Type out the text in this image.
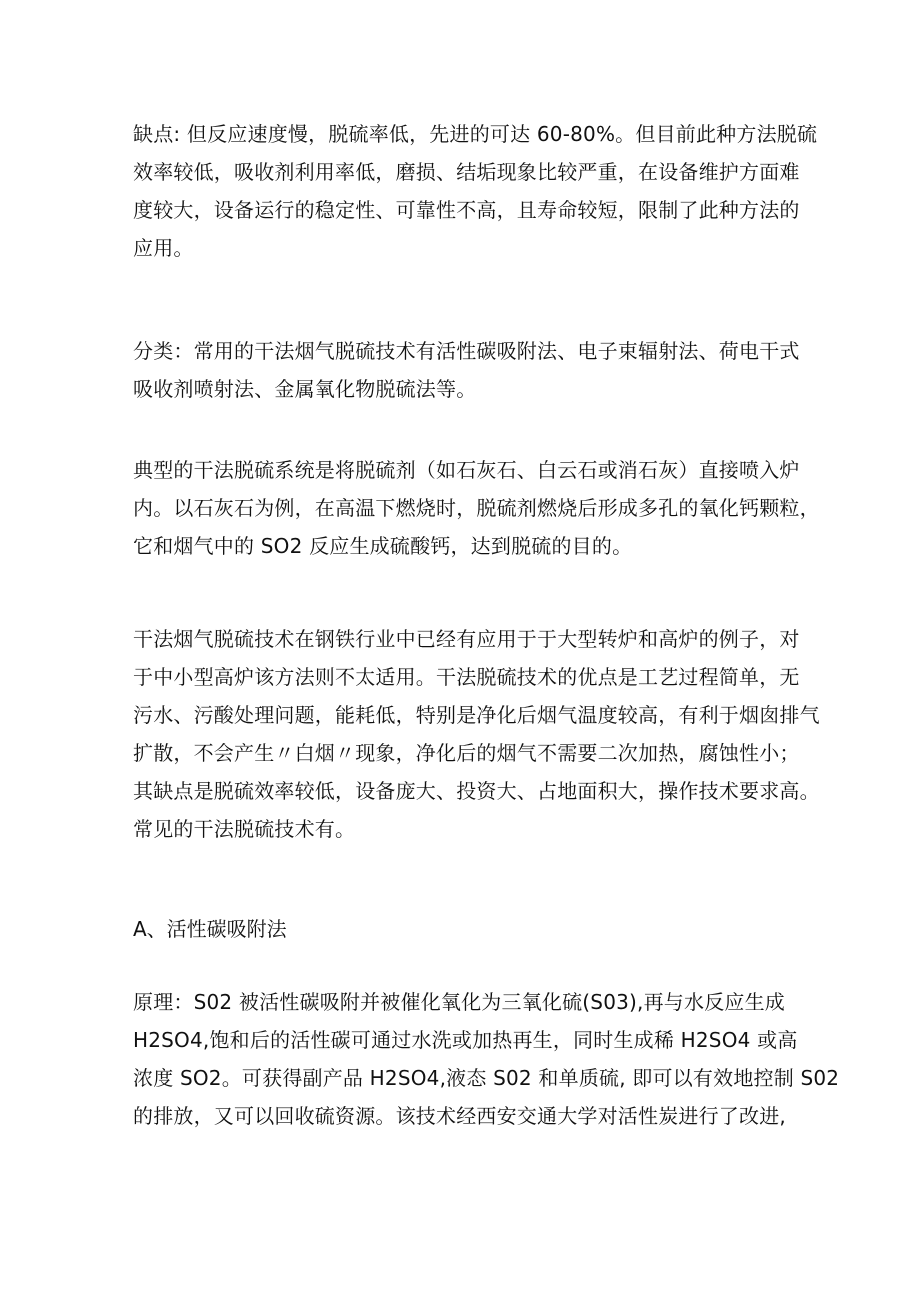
缺点: 但反应速度慢，脱硫率低，先进的可达 60-80%。但目前此种方法脱硫
效率较低，吸收剂利用率低，磨损、结垢现象比较严重，在设备维护方面难
度较大，设备运行的稳定性、可靠性不高，且寿命较短，限制了此种方法的
应用。

分类：常用的干法烟气脱硫技术有活性碳吸附法、电子束辐射法、荷电干式
吸收剂喷射法、金属氧化物脱硫法等。

典型的干法脱硫系统是将脱硫剂（如石灰石、白云石或消石灰）直接喷入炉
内。以石灰石为例，在高温下燃烧时，脱硫剂燃烧后形成多孔的氧化钙颗粒，
它和烟气中的 SO2 反应生成硫酸钙，达到脱硫的目的。

干法烟气脱硫技术在钢铁行业中已经有应用于于大型转炉和高炉的例子，对
于中小型高炉该方法则不太适用。干法脱硫技术的优点是工艺过程简单，无
污水、污酸处理问题，能耗低，特别是净化后烟气温度较高，有利于烟囱排气
扩散，不会产生〃白烟〃现象，净化后的烟气不需要二次加热，腐蚀性小；
其缺点是脱硫效率较低，设备庞大、投资大、占地面积大，操作技术要求高。
常见的干法脱硫技术有。

A、活性碳吸附法

原理：S02 被活性碳吸附并被催化氧化为三氧化硫(S03),再与水反应生成
H2SO4,饱和后的活性碳可通过水洗或加热再生，同时生成稀 H2SO4 或高
浓度 SO2。可获得副产品 H2SO4,液态 S02 和单质硫, 即可以有效地控制 S02
的排放，又可以回收硫资源。该技术经西安交通大学对活性炭进行了改进,
